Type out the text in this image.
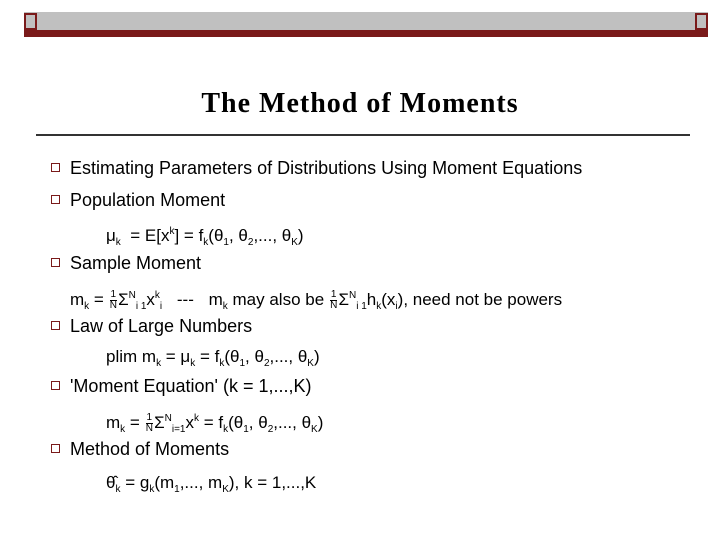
The Method of Moments
Estimating Parameters of Distributions Using Moment Equations
Population Moment
$\mu_k = E[x^k] = f_k(\theta_1$, $\theta_2$,..., $\theta_K$)
Sample Moment
$m_k = \frac{1}{N} \Sigma^N_{i 1}x^k_i$ --- $m_k$ may also be $\frac{1}{N} \Sigma^N_{i 1}h_k(x_i)$, need not be powers
Law of Large Numbers
plim $m_k = \mu_k = f_k(\theta_1$, $\theta_2$,..., $\theta_K$)
'Moment Equation' (k = 1,...,K)
$m_k = \frac{1}{N} \Sigma^N_{i=1}x^k = f_k(\theta_1$, $\theta_2$,..., $\theta_K$)
Method of Moments
$\thetâ_k = g_k(m_1$,..., $m_K$), k = 1,...,K
